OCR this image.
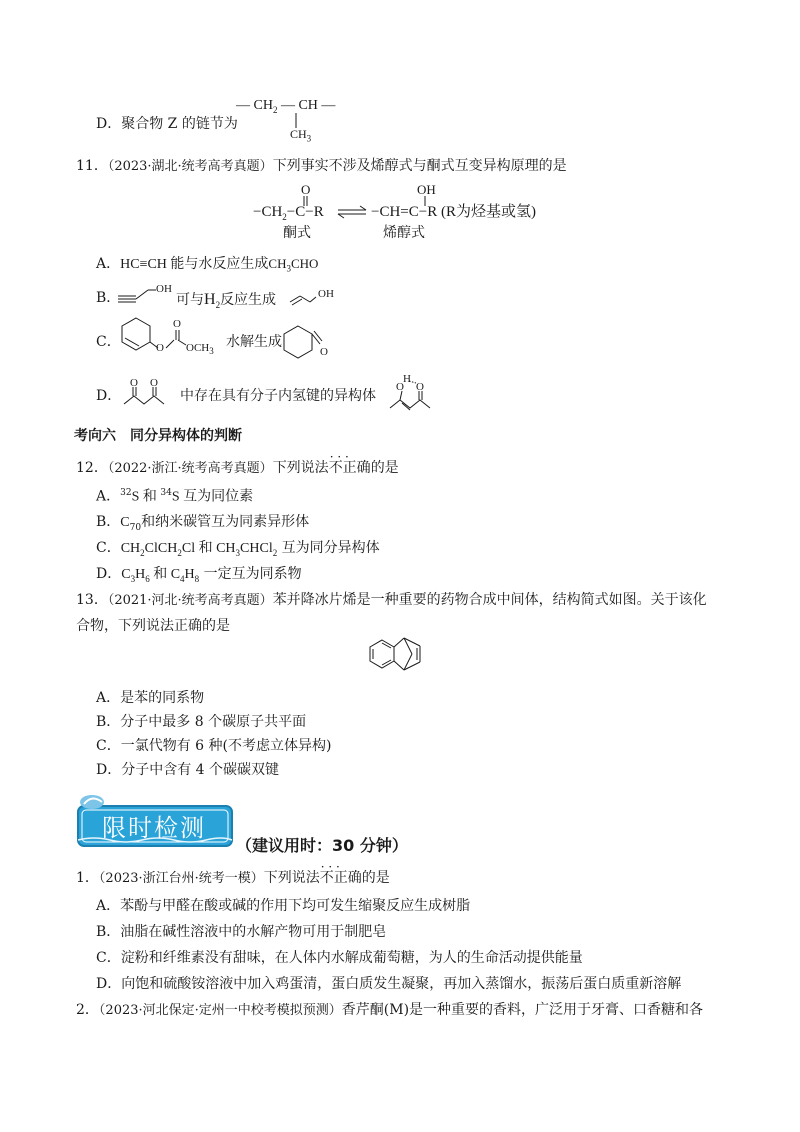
D．聚合物 Z 的链节为
— $CH_2$ — CH —
$CH_3$
11．（2023·湖北·统考高考真题）下列事实不涉及烯醇式与酮式互变异构原理的是
O	OH
$-CH_2-C-R$	−CH=C−R (R为烃基或氢)
酮式	烯醇式
A．HC≡CH 能与水反应生成$CH_3CHO$
B．
OH
可与$H_2$反应生成	OH
C．	O
O
$OCH_3$
水解生成
O
D．
O O
中存在具有分子内氢键的异构体
H
O O
考向六　同分异构体的判断
12．（2022·浙江·统考高考真题）下列说法· · · 不正确的是
A．$^{32}$S 和 $^{34}$S 互为同位素
B．$C_{70}$和纳米碳管互为同素异形体
C．$CH_2ClCH_2Cl$ 和 $CH_3CHCl_2$ 互为同分异构体
D．$C_3H_6$ 和 $C_4H_8$ 一定互为同系物
13．（2021·河北·统考高考真题）苯并降冰片烯是一种重要的药物合成中间体，结构简式如图。关于该化
合物，下列说法正确的是
A．是苯的同系物
B．分子中最多 8 个碳原子共平面
C．一氯代物有 6 种(不考虑立体异构)
D．分子中含有 4 个碳碳双键
限时检测
（建议用时：30 分钟）
1．（2023·浙江台州·统考一模）下列说法· · · 不正确的是
A．苯酚与甲醛在酸或碱的作用下均可发生缩聚反应生成树脂
B．油脂在碱性溶液中的水解产物可用于制肥皂
C．淀粉和纤维素没有甜味，在人体内水解成葡萄糖，为人的生命活动提供能量
D．向饱和硫酸铵溶液中加入鸡蛋清，蛋白质发生凝聚，再加入蒸馏水，振荡后蛋白质重新溶解
2．（2023·河北保定·定州一中校考模拟预测）香芹酮(M)是一种重要的香料，广泛用于牙膏、口香糖和各
